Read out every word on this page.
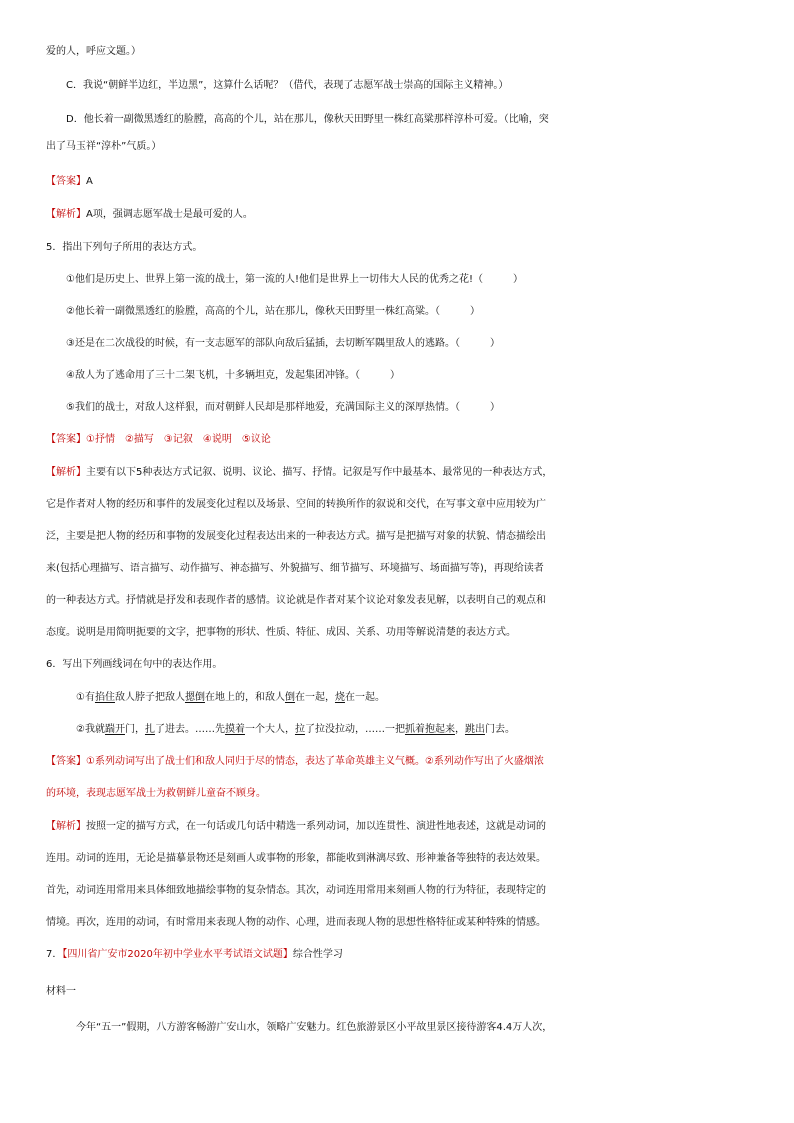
爱的人，呼应文题。）
C．我说“朝鲜半边红，半边黑”，这算什么话呢？（借代，表现了志愿军战士崇高的国际主义精神。）
D．他长着一副微黑透红的脸膛，高高的个儿，站在那儿，像秋天田野里一株红高粱那样淳朴可爱。（比喻，突
出了马玉祥“淳朴”气质。）
【答案】A
【解析】A项，强调志愿军战士是最可爱的人。
5．指出下列句子所用的表达方式。
①他们是历史上、世界上第一流的战士，第一流的人!他们是世界上一切伟大人民的优秀之花!（　　　）
②他长着一副微黑透红的脸膛，高高的个儿，站在那儿，像秋天田野里一株红高粱。（　　　）
③还是在二次战役的时候，有一支志愿军的部队向敌后猛插，去切断军隅里敌人的逃路。（　　　）
④敌人为了逃命用了三十二架飞机，十多辆坦克，发起集团冲锋。（　　　）
⑤我们的战士，对敌人这样狠，而对朝鲜人民却是那样地爱，充满国际主义的深厚热情。（　　　）
【答案】①抒情　②描写　③记叙　④说明　⑤议论
【解析】主要有以下5种表达方式记叙、说明、议论、描写、抒情。记叙是写作中最基本、最常见的一种表达方式，
它是作者对人物的经历和事件的发展变化过程以及场景、空间的转换所作的叙说和交代，在写事文章中应用较为广
泛，主要是把人物的经历和事物的发展变化过程表达出来的一种表达方式。描写是把描写对象的状貌、情态描绘出
来(包括心理描写、语言描写、动作描写、神态描写、外貌描写、细节描写、环境描写、场面描写等)，再现给读者
的一种表达方式。抒情就是抒发和表现作者的感情。议论就是作者对某个议论对象发表见解，以表明自己的观点和
态度。说明是用简明扼要的文字，把事物的形状、性质、特征、成因、关系、功用等解说清楚的表达方式。
6．写出下列画线词在句中的表达作用。
①有掐住敌人脖子把敌人摁倒在地上的，和敌人倒在一起，烧在一起。
②我就踹开门，扎了进去。……先摸着一个大人，拉了拉没拉动，……一把抓着抱起来，跳出门去。
【答案】①系列动词写出了战士们和敌人同归于尽的情态，表达了革命英雄主义气概。②系列动作写出了火盛烟浓
的环境，表现志愿军战士为救朝鲜儿童奋不顾身。
【解析】按照一定的描写方式，在一句话或几句话中精选一系列动词，加以连贯性、演进性地表述，这就是动词的
连用。动词的连用，无论是描摹景物还是刻画人或事物的形象，都能收到淋漓尽致、形神兼备等独特的表达效果。
首先，动词连用常用来具体细致地描绘事物的复杂情态。其次，动词连用常用来刻画人物的行为特征，表现特定的
情境。再次，连用的动词，有时常用来表现人物的动作、心理，进而表现人物的思想性格特征或某种特殊的情感。
7．【四川省广安市2020年初中学业水平考试语文试题】综合性学习
材料一
今年“五一”假期，八方游客畅游广安山水，领略广安魅力。红色旅游景区小平故里景区接待游客4.4万人次，
